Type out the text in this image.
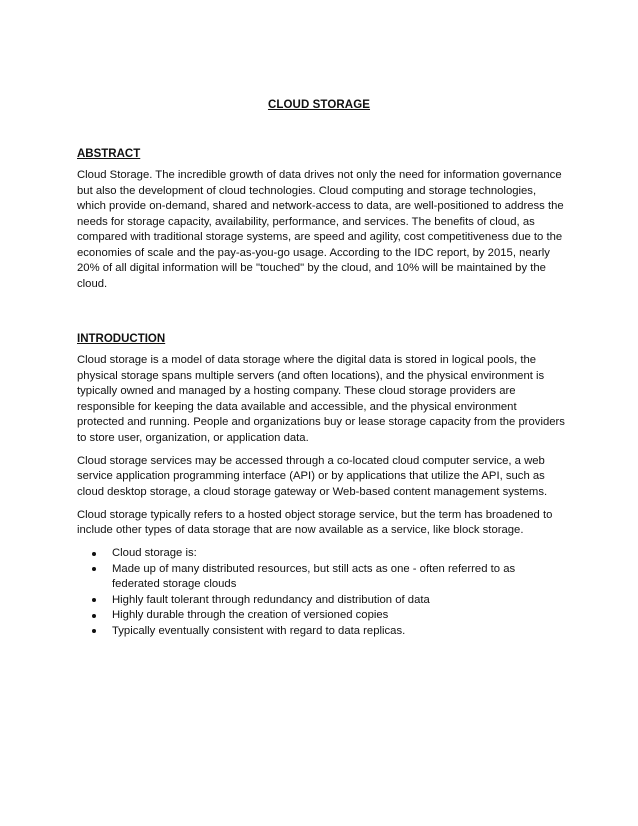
CLOUD STORAGE
ABSTRACT

Cloud Storage. The incredible growth of data drives not only the need for information governance but also the development of cloud technologies. Cloud computing and storage technologies, which provide on-demand, shared and network-access to data, are well-positioned to address the needs for storage capacity, availability, performance, and services. The benefits of cloud, as compared with traditional storage systems, are speed and agility, cost competitiveness due to the economies of scale and the pay-as-you-go usage. According to the IDC report, by 2015, nearly 20% of all digital information will be "touched" by the cloud, and 10% will be maintained by the cloud.

INTRODUCTION

Cloud storage is a model of data storage where the digital data is stored in logical pools, the physical storage spans multiple servers (and often locations), and the physical environment is typically owned and managed by a hosting company. These cloud storage providers are responsible for keeping the data available and accessible, and the physical environment protected and running. People and organizations buy or lease storage capacity from the providers to store user, organization, or application data.

Cloud storage services may be accessed through a co-located cloud computer service, a web service application programming interface (API) or by applications that utilize the API, such as cloud desktop storage, a cloud storage gateway or Web-based content management systems.

Cloud storage typically refers to a hosted object storage service, but the term has broadened to include other types of data storage that are now available as a service, like block storage.

Cloud storage is:
Made up of many distributed resources, but still acts as one - often referred to as federated storage clouds
Highly fault tolerant through redundancy and distribution of data
Highly durable through the creation of versioned copies
Typically eventually consistent with regard to data replicas.
